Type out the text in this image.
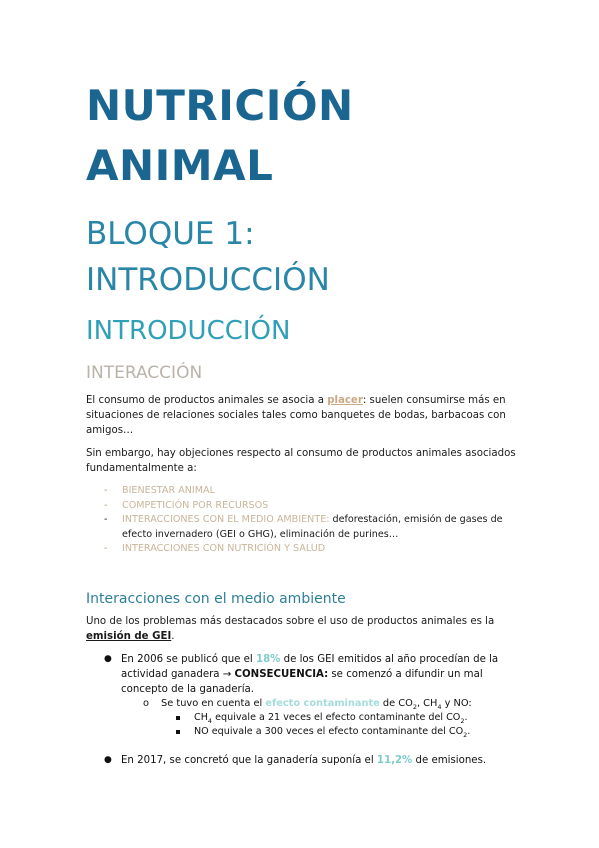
NUTRICIÓN
ANIMAL
BLOQUE 1:
INTRODUCCIÓN
INTRODUCCIÓN
INTERACCIÓN
El consumo de productos animales se asocia a placer: suelen consumirse más en situaciones de relaciones sociales tales como banquetes de bodas, barbacoas con amigos…
Sin embargo, hay objeciones respecto al consumo de productos animales asociados fundamentalmente a:
- BIENESTAR ANIMAL
- COMPETICIÓN POR RECURSOS
- INTERACCIONES CON EL MEDIO AMBIENTE: deforestación, emisión de gases de efecto invernadero (GEI o GHG), eliminación de purines…
- INTERACCIONES CON NUTRICIÓN Y SALUD
Interacciones con el medio ambiente
Uno de los problemas más destacados sobre el uso de productos animales es la emisión de GEI.
● En 2006 se publicó que el 18% de los GEI emitidos al año procedían de la actividad ganadera → CONSECUENCIA: se comenzó a difundir un mal concepto de la ganadería.
o Se tuvo en cuenta el efecto contaminante de $CO_2$, $CH_4$ y NO:
$CH_4$ equivale a 21 veces el efecto contaminante del $CO_2$.
NO equivale a 300 veces el efecto contaminante del $CO_2$.
● En 2017, se concretó que la ganadería suponía el 11,2% de emisiones.
